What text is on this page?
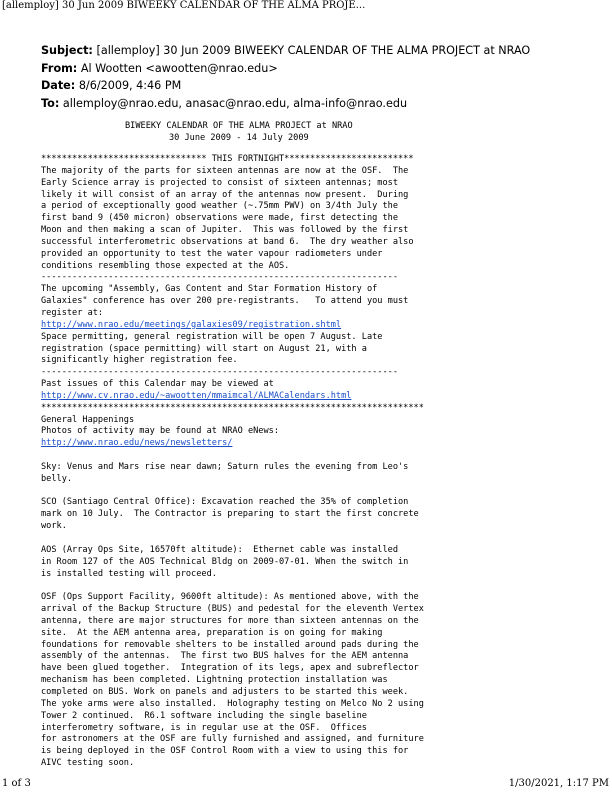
[allemploy] 30 Jun 2009 BIWEEKY CALENDAR OF THE ALMA PROJE...
Subject: [allemploy] 30 Jun 2009 BIWEEKY CALENDAR OF THE ALMA PROJECT at NRAO
From: Al Wootten <awootten@nrao.edu>
Date: 8/6/2009, 4:46 PM
To: allemploy@nrao.edu, anasac@nrao.edu, alma-info@nrao.edu
BIWEEKY CALENDAR OF THE ALMA PROJECT at NRAO
30 June 2009 - 14 July 2009
******************************** THIS FORTNIGHT*************************
The majority of the parts for sixteen antennas are now at the OSF.  The
Early Science array is projected to consist of sixteen antennas; most
likely it will consist of an array of the antennas now present.  During
a period of exceptionally good weather (~.75mm PWV) on 3/4th July the
first band 9 (450 micron) observations were made, first detecting the
Moon and then making a scan of Jupiter.  This was followed by the first
successful interferometric observations at band 6.  The dry weather also
provided an opportunity to test the water vapour radiometers under
conditions resembling those expected at the AOS.
---------------------------------------------------------------------
The upcoming "Assembly, Gas Content and Star Formation History of
Galaxies" conference has over 200 pre-registrants.   To attend you must
register at:
http://www.nrao.edu/meetings/galaxies09/registration.shtml
Space permitting, general registration will be open 7 August. Late
registration (space permitting) will start on August 21, with a
significantly higher registration fee.
---------------------------------------------------------------------
Past issues of this Calendar may be viewed at
http://www.cv.nrao.edu/~awootten/mmaimcal/ALMACalendars.html
**************************************************************************
General Happenings
Photos of activity may be found at NRAO eNews:
http://www.nrao.edu/news/newsletters/

Sky: Venus and Mars rise near dawn; Saturn rules the evening from Leo's
belly.

SCO (Santiago Central Office): Excavation reached the 35% of completion
mark on 10 July.  The Contractor is preparing to start the first concrete
work.

AOS (Array Ops Site, 16570ft altitude):  Ethernet cable was installed
in Room 127 of the AOS Technical Bldg on 2009-07-01. When the switch in
is installed testing will proceed.

OSF (Ops Support Facility, 9600ft altitude): As mentioned above, with the
arrival of the Backup Structure (BUS) and pedestal for the eleventh Vertex
antenna, there are major structures for more than sixteen antennas on the
site.  At the AEM antenna area, preparation is on going for making
foundations for removable shelters to be installed around pads during the
assembly of the antennas.  The first two BUS halves for the AEM antenna
have been glued together.  Integration of its legs, apex and subreflector
mechanism has been completed. Lightning protection installation was
completed on BUS. Work on panels and adjusters to be started this week.
The yoke arms were also installed.  Holography testing on Melco No 2 using
Tower 2 continued.  R6.1 software including the single baseline
interferometry software, is in regular use at the OSF.  Offices
for astronomers at the OSF are fully furnished and assigned, and furniture
is being deployed in the OSF Control Room with a view to using this for
AIVC testing soon.
1 of 3	1/30/2021, 1:17 PM
